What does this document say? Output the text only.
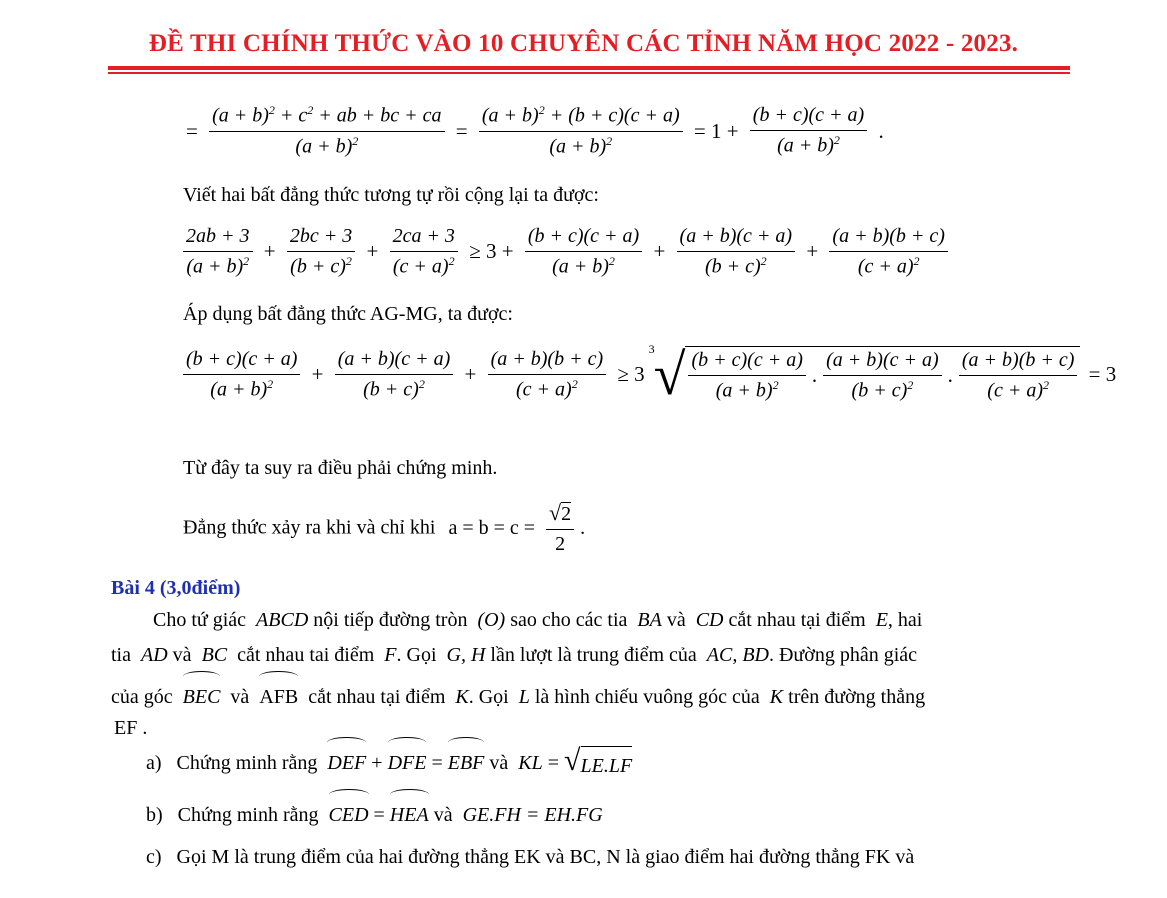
ĐỀ THI CHÍNH THỨC VÀO 10 CHUYÊN CÁC TỈNH NĂM HỌC 2022 - 2023.
= $\frac{(a + b)^2 + c^2 + ab + bc + ca}{(a + b)^2} = \frac{(a + b)^2 + (b + c)(c + a)}{(a + b)^2} = 1 + \frac{(b + c)(c + a)}{(a + b)^2}$ .
Viết hai bất đẳng thức tương tự rồi cộng lại ta được:
$\frac{2ab + 3}{(a + b)^2} + \frac{2bc + 3}{(b + c)^2} + \frac{2ca + 3}{(c + a)^2} \ge 3 + \frac{(b + c)(c + a)}{(a + b)^2} + \frac{(a + b)(c + a)}{(b + c)^2} + \frac{(a + b)(b + c)}{(c + a)^2}$
Áp dụng bất đẳng thức AG-MG, ta được:
$\frac{(b + c)(c + a)}{(a + b)^2} + \frac{(a + b)(c + a)}{(b + c)^2} + \frac{(a + b)(b + c)}{(c + a)^2} \ge 3$
3 √ $\frac{(b + c)(c + a)}{(a + b)^2}$ . $\frac{(a + b)(c + a)}{(b + c)^2}$ . $\frac{(a + b)(b + c)}{(c + a)^2} = 3$
Từ đây ta suy ra điều phải chứng minh.
Đẳng thức xảy ra khi và chỉ khi $a = b = c = \frac{√2}{2}$ .
Bài 4 (3,0điểm)
Cho tứ giác ABCD nội tiếp đường tròn (O) sao cho các tia BA và CD cắt nhau tại điểm E, hai
tia AD và BC cắt nhau tai điểm F. Gọi G, H lần lượt là trung điểm của AC, BD. Đường phân giác
của góc BEC và AFB cắt nhau tại điểm K. Gọi L là hình chiếu vuông góc của K trên đường thẳng
EF .
a) Chứng minh rằng DEF + DFE = EBF và KL = √ LE.LF
b) Chứng minh rằng CED = HEA và GE.FH = EH.FG
c) Gọi M là trung điểm của hai đường thẳng EK và BC, N là giao điểm hai đường thẳng FK và
